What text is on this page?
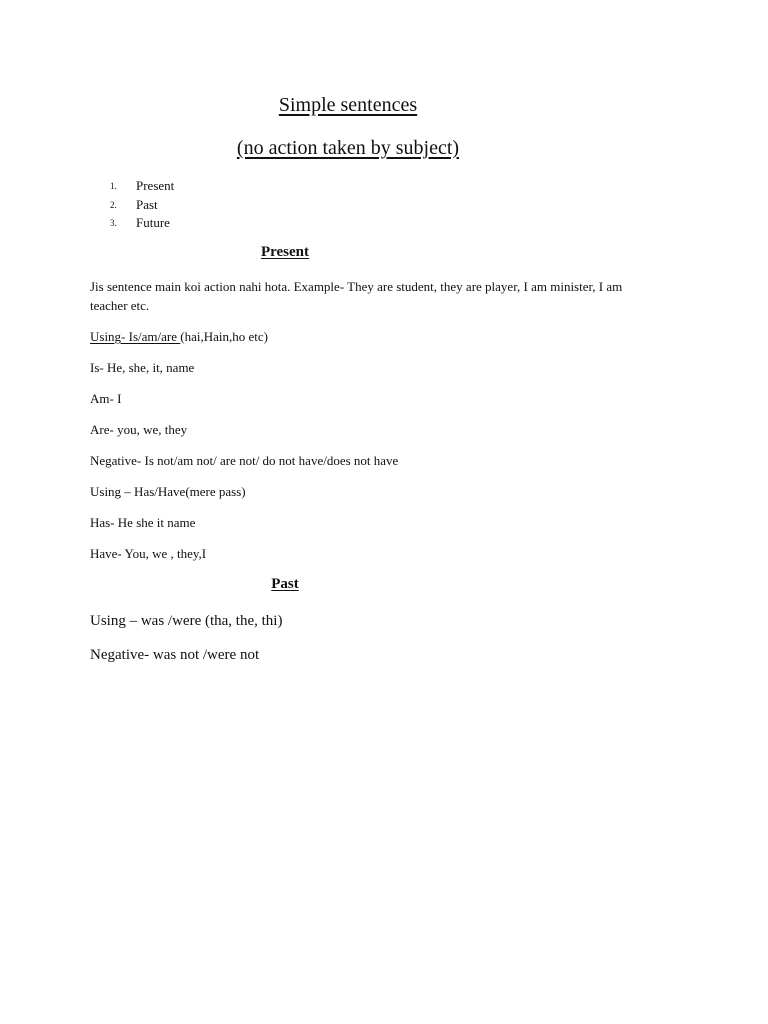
Simple sentences
(no action taken by subject)
1. Present
2. Past
3. Future
Present
Jis sentence main koi action nahi hota. Example- They are student, they are player, I am minister, I am teacher etc.
Using- Is/am/are (hai,Hain,ho etc)
Is- He, she, it, name
Am- I
Are- you, we, they
Negative- Is not/am not/ are not/ do not have/does not have
Using – Has/Have(mere pass)
Has- He she it name
Have- You, we , they,I
Past
Using – was /were (tha, the, thi)
Negative- was not /were not
